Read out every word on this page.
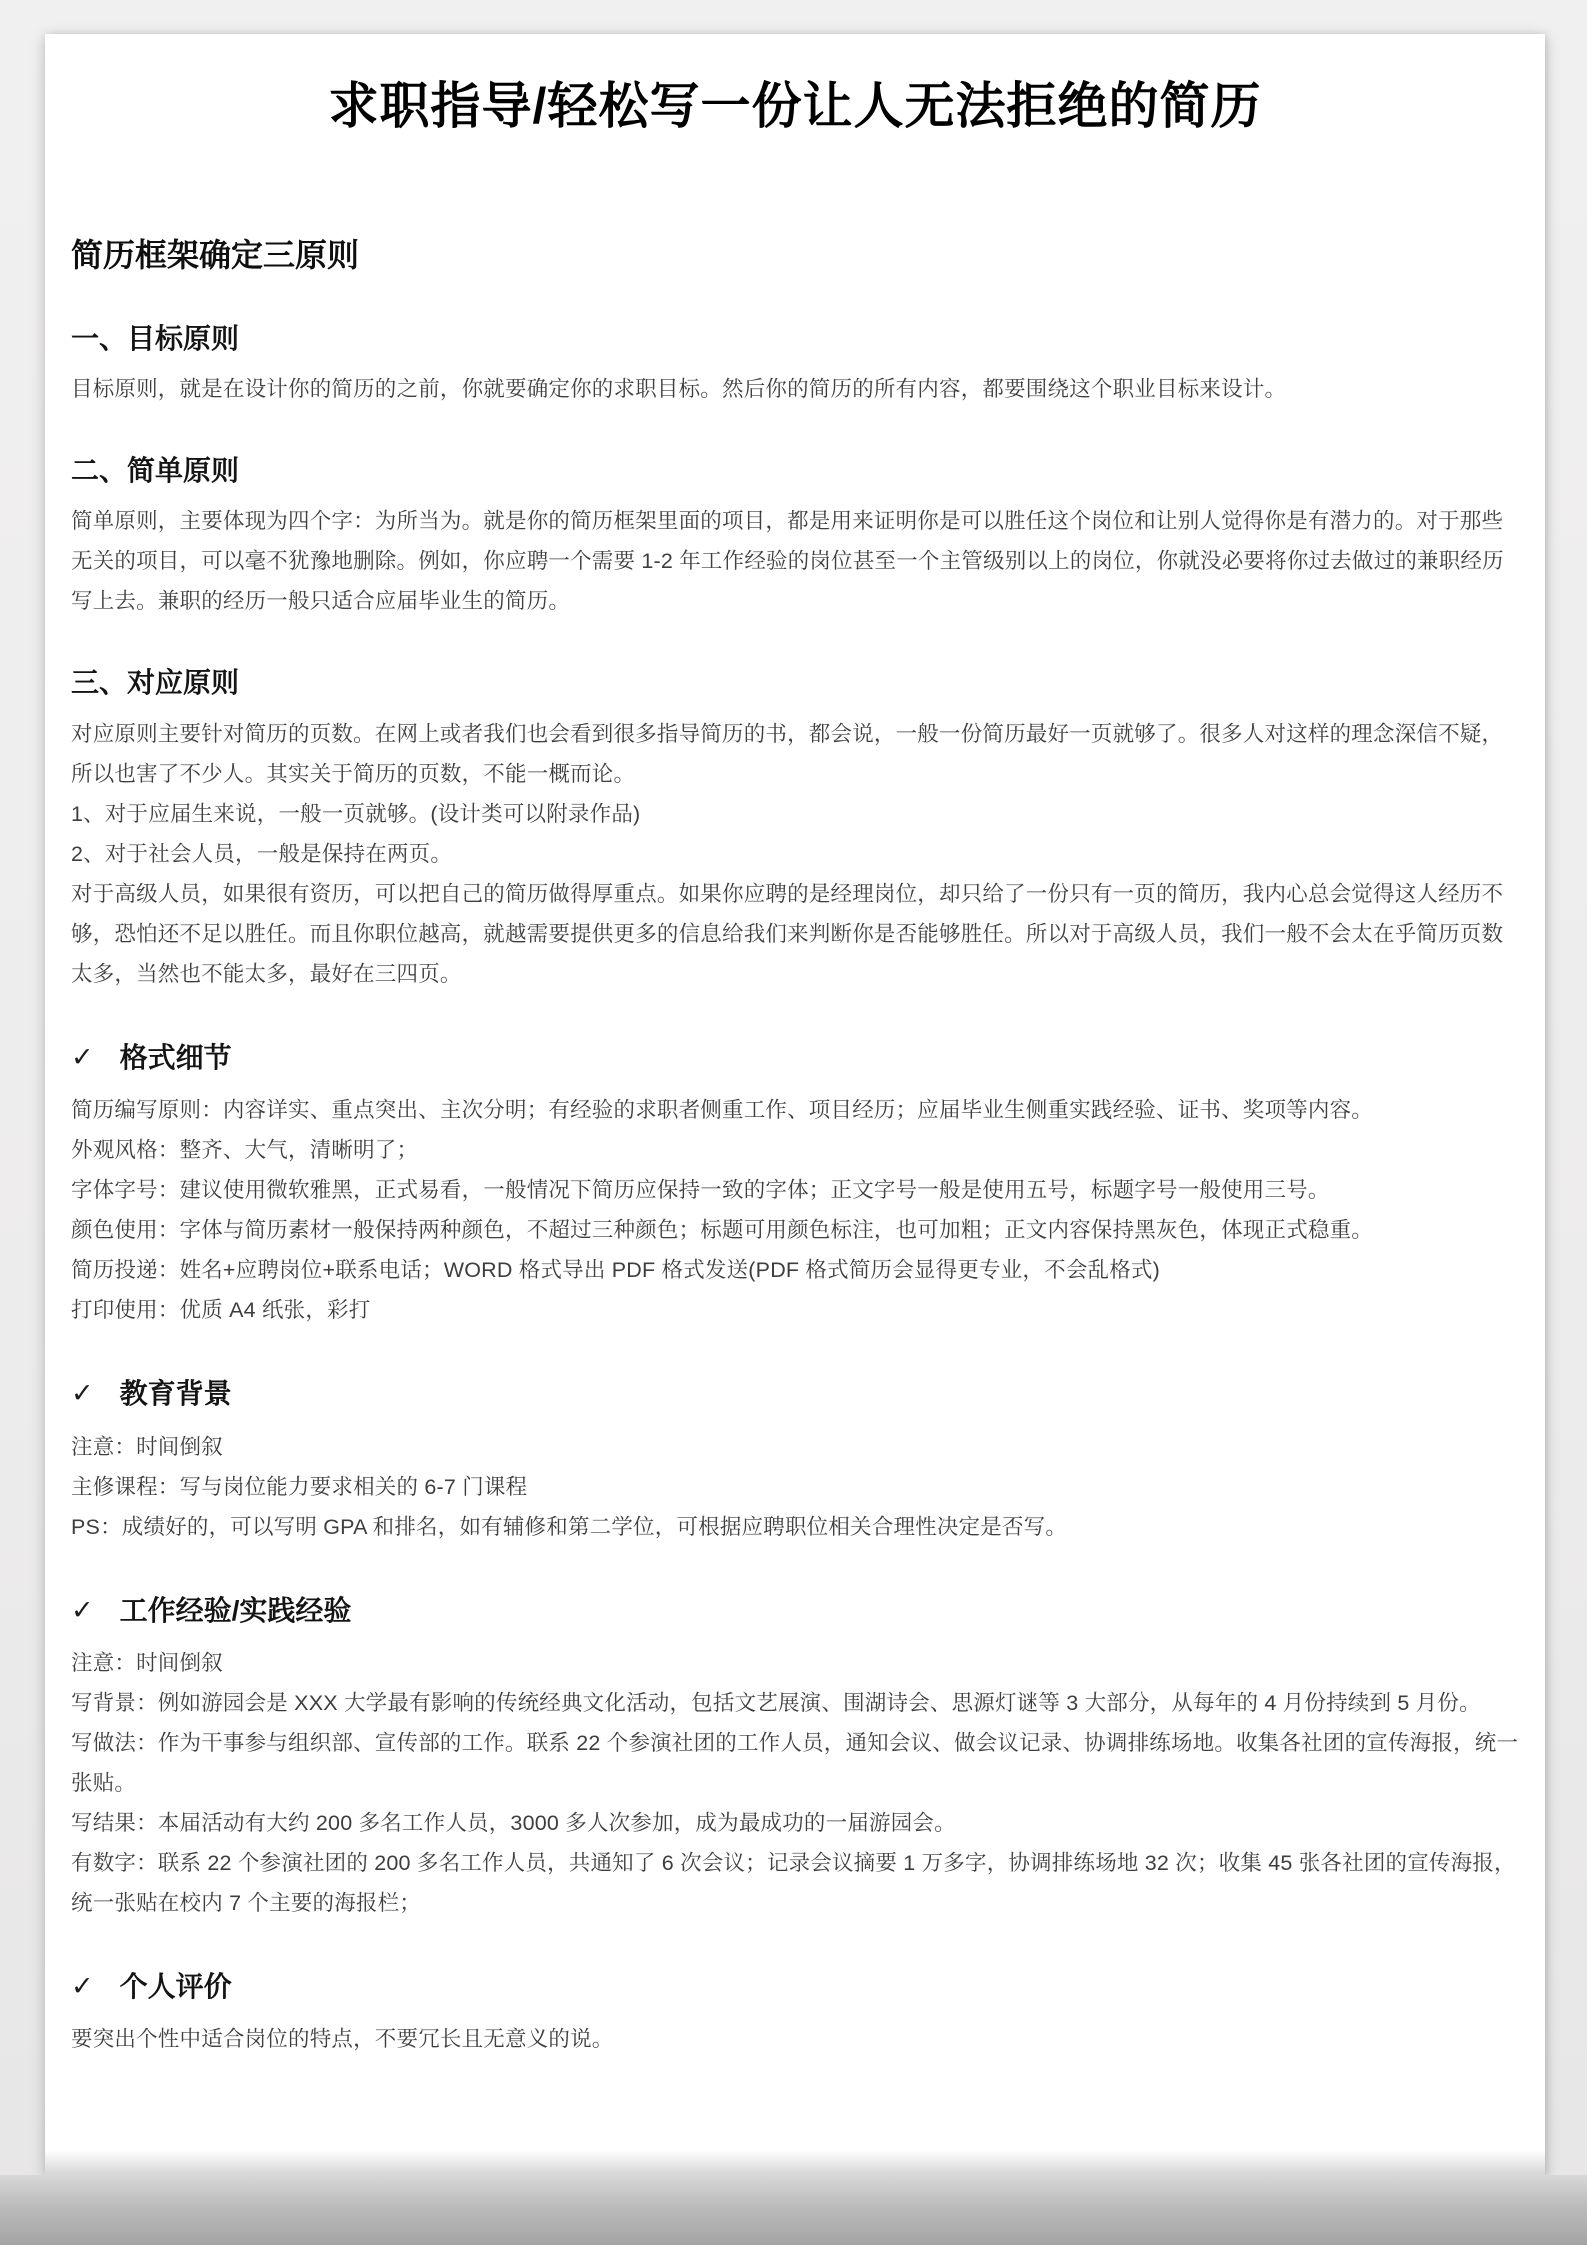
求职指导/轻松写一份让人无法拒绝的简历
简历框架确定三原则
一、目标原则

目标原则，就是在设计你的简历的之前，你就要确定你的求职目标。然后你的简历的所有内容，都要围绕这个职业目标来设计。

二、简单原则

简单原则，主要体现为四个字：为所当为。就是你的简历框架里面的项目，都是用来证明你是可以胜任这个岗位和让别人觉得你是有潜力的。对于那些无关的项目，可以毫不犹豫地删除。例如，你应聘一个需要 1-2 年工作经验的岗位甚至一个主管级别以上的岗位，你就没必要将你过去做过的兼职经历写上去。兼职的经历一般只适合应届毕业生的简历。

三、对应原则

对应原则主要针对简历的页数。在网上或者我们也会看到很多指导简历的书，都会说，一般一份简历最好一页就够了。很多人对这样的理念深信不疑，所以也害了不少人。其实关于简历的页数，不能一概而论。

1、对于应届生来说，一般一页就够。(设计类可以附录作品)

2、对于社会人员，一般是保持在两页。

对于高级人员，如果很有资历，可以把自己的简历做得厚重点。如果你应聘的是经理岗位，却只给了一份只有一页的简历，我内心总会觉得这人经历不够，恐怕还不足以胜任。而且你职位越高，就越需要提供更多的信息给我们来判断你是否能够胜任。所以对于高级人员，我们一般不会太在乎简历页数太多，当然也不能太多，最好在三四页。

✓ 格式细节

简历编写原则：内容详实、重点突出、主次分明；有经验的求职者侧重工作、项目经历；应届毕业生侧重实践经验、证书、奖项等内容。

外观风格：整齐、大气，清晰明了；

字体字号：建议使用微软雅黑，正式易看，一般情况下简历应保持一致的字体；正文字号一般是使用五号，标题字号一般使用三号。

颜色使用：字体与简历素材一般保持两种颜色，不超过三种颜色；标题可用颜色标注，也可加粗；正文内容保持黑灰色，体现正式稳重。

简历投递：姓名+应聘岗位+联系电话；WORD 格式导出 PDF 格式发送(PDF 格式简历会显得更专业，不会乱格式)

打印使用：优质 A4 纸张，彩打

✓ 教育背景

注意：时间倒叙

主修课程：写与岗位能力要求相关的 6-7 门课程

PS：成绩好的，可以写明 GPA 和排名，如有辅修和第二学位，可根据应聘职位相关合理性决定是否写。

✓ 工作经验/实践经验

注意：时间倒叙

写背景：例如游园会是 XXX 大学最有影响的传统经典文化活动，包括文艺展演、围湖诗会、思源灯谜等 3 大部分，从每年的 4 月份持续到 5 月份。

写做法：作为干事参与组织部、宣传部的工作。联系 22 个参演社团的工作人员，通知会议、做会议记录、协调排练场地。收集各社团的宣传海报，统一张贴。

写结果：本届活动有大约 200 多名工作人员，3000 多人次参加，成为最成功的一届游园会。

有数字：联系 22 个参演社团的 200 多名工作人员，共通知了 6 次会议；记录会议摘要 1 万多字，协调排练场地 32 次；收集 45 张各社团的宣传海报，统一张贴在校内 7 个主要的海报栏；

✓ 个人评价

要突出个性中适合岗位的特点，不要冗长且无意义的说。
